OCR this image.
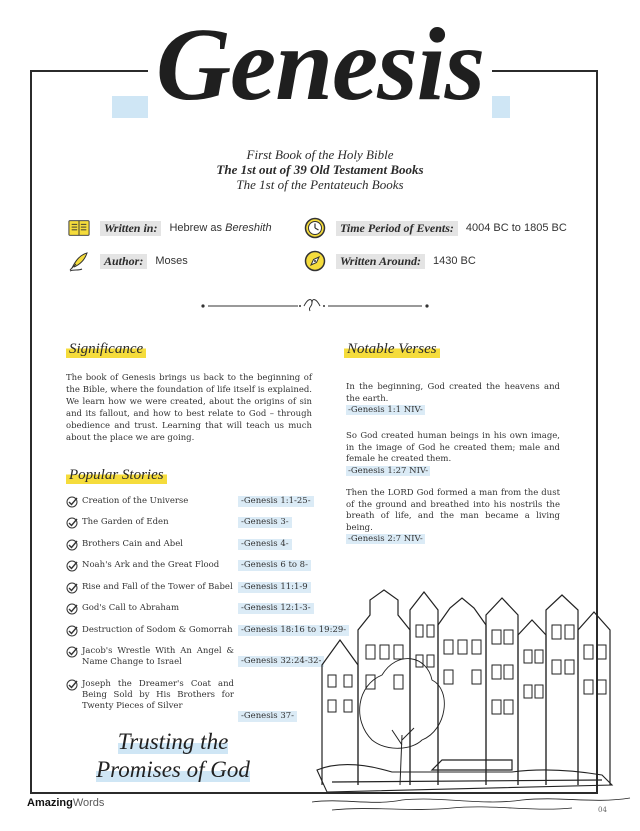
Genesis
First Book of the Holy Bible
The 1st out of 39 Old Testament Books
The 1st of the Pentateuch Books
Written in:	Hebrew as Bereshith
Author:	Moses
Time Period of Events:	4004 BC to 1805 BC
Written Around:	1430 BC
Significance
The book of Genesis brings us back to the beginning of the Bible, where the foundation of life itself is explained. We learn how we were created, about the origins of sin and its fallout, and how to best relate to God – through obedience and trust. Learning that will teach us much about the place we are going.
Notable Verses
In the beginning, God created the heavens and the earth.
-Genesis 1:1 NIV-
So God created human beings in his own image, in the image of God he created them; male and female he created them.
-Genesis 1:27 NIV-
Then the LORD God formed a man from the dust of the ground and breathed into his nostrils the breath of life, and the man became a living being.
-Genesis 2:7 NIV-
Popular Stories
Creation of the Universe	-Genesis 1:1-25-
The Garden of Eden	-Genesis 3-
Brothers Cain and Abel	-Genesis 4-
Noah's Ark and the Great Flood	-Genesis 6 to 8-
Rise and Fall of the Tower of Babel -Genesis 11:1-9
God's Call to Abraham	-Genesis 12:1-3-
Destruction of Sodom & Gomorrah -Genesis 18:16 to 19:29-
Jacob's Wrestle With An Angel & Name Change to Israel	-Genesis 32:24-32-
Joseph the Dreamer's Coat and Being Sold by His Brothers for Twenty Pieces of Silver
-Genesis 37-
Trusting the
Promises of God
AmazingWords
04
